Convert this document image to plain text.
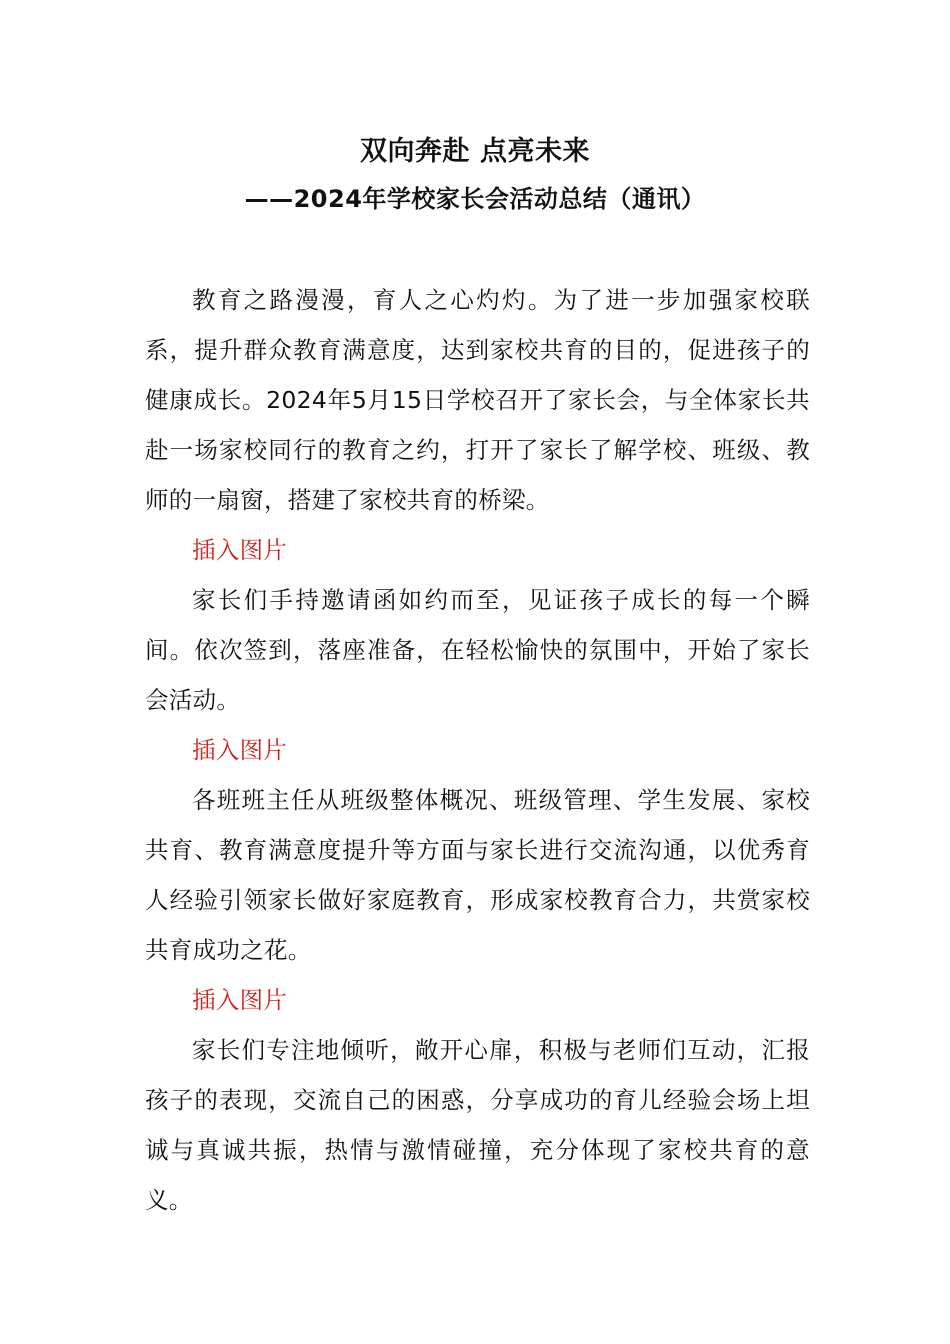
双向奔赴 点亮未来
——2024年学校家长会活动总结（通讯）

教育之路漫漫，育人之心灼灼。为了进一步加强家校联系，提升群众教育满意度，达到家校共育的目的，促进孩子的健康成长。2024年5月15日学校召开了家长会，与全体家长共赴一场家校同行的教育之约，打开了家长了解学校、班级、教师的一扇窗，搭建了家校共育的桥梁。

插入图片

家长们手持邀请函如约而至，见证孩子成长的每一个瞬间。依次签到，落座准备，在轻松愉快的氛围中，开始了家长会活动。

插入图片

各班班主任从班级整体概况、班级管理、学生发展、家校共育、教育满意度提升等方面与家长进行交流沟通，以优秀育人经验引领家长做好家庭教育，形成家校教育合力，共赏家校共育成功之花。

插入图片

家长们专注地倾听，敞开心扉，积极与老师们互动，汇报孩子的表现，交流自己的困惑，分享成功的育儿经验会场上坦诚与真诚共振，热情与激情碰撞，充分体现了家校共育的意义。
